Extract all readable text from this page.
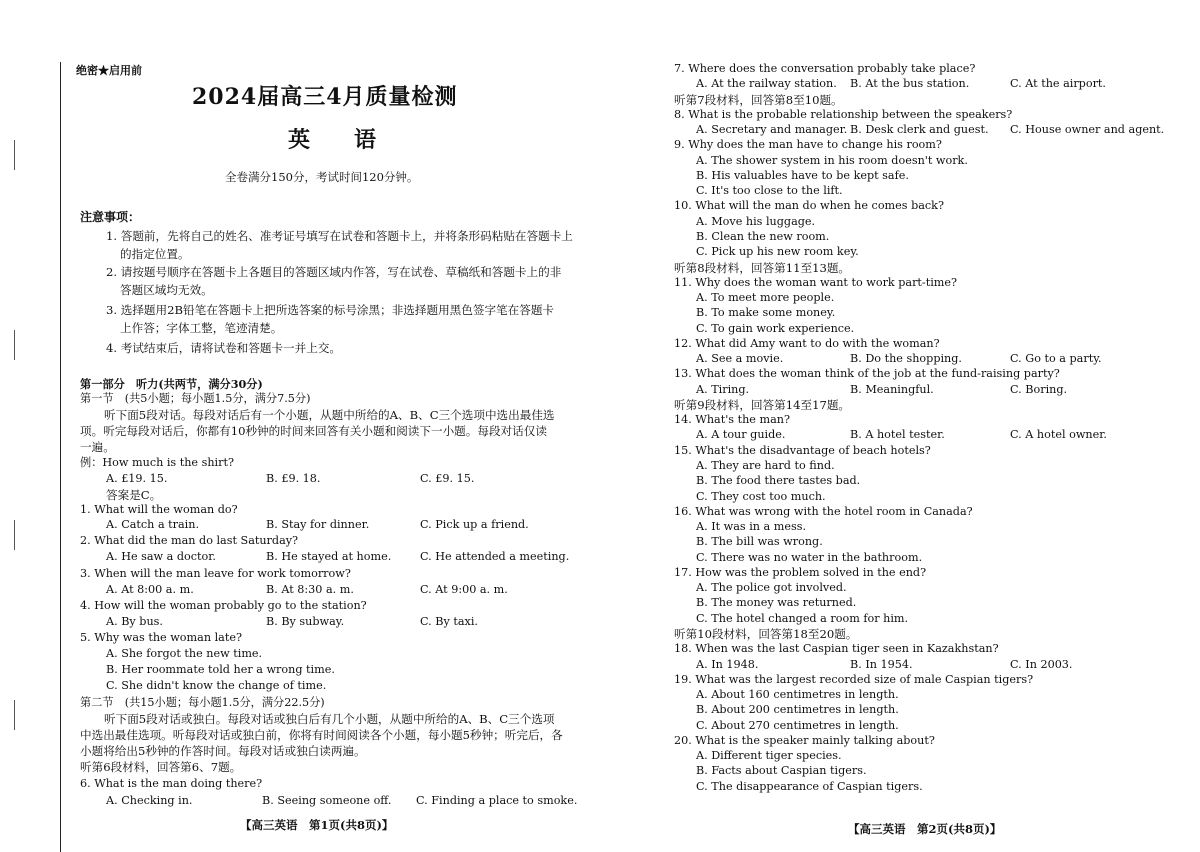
绝密★启用前
2024届高三4月质量检测
英　　语
全卷满分150分，考试时间120分钟。
注意事项：
1. 答题前，先将自己的姓名、准考证号填写在试卷和答题卡上，并将条形码粘贴在答题卡上
的指定位置。
2. 请按题号顺序在答题卡上各题目的答题区域内作答，写在试卷、草稿纸和答题卡上的非
答题区域均无效。
3. 选择题用2B铅笔在答题卡上把所选答案的标号涂黑；非选择题用黑色签字笔在答题卡
上作答；字体工整，笔迹清楚。
4. 考试结束后，请将试卷和答题卡一并上交。
第一部分　听力(共两节，满分30分)
第一节　(共5小题；每小题1.5分，满分7.5分)
听下面5段对话。每段对话后有一个小题，从题中所给的A、B、C三个选项中选出最佳选
项。听完每段对话后，你都有10秒钟的时间来回答有关小题和阅读下一小题。每段对话仅读
一遍。
例：How much is the shirt?
A. £19. 15.	B. £9. 18.	C. £9. 15.
答案是C。
1. What will the woman do?
A. Catch a train.	B. Stay for dinner.	C. Pick up a friend.
2. What did the man do last Saturday?
A. He saw a doctor.	B. He stayed at home.	C. He attended a meeting.
3. When will the man leave for work tomorrow?
A. At 8:00 a. m.	B. At 8:30 a. m.	C. At 9:00 a. m.
4. How will the woman probably go to the station?
A. By bus.	B. By subway.	C. By taxi.
5. Why was the woman late?
A. She forgot the new time.
B. Her roommate told her a wrong time.
C. She didn't know the change of time.
第二节　(共15小题；每小题1.5分，满分22.5分)
听下面5段对话或独白。每段对话或独白后有几个小题，从题中所给的A、B、C三个选项
中选出最佳选项。听每段对话或独白前，你将有时间阅读各个小题，每小题5秒钟；听完后，各
小题将给出5秒钟的作答时间。每段对话或独白读两遍。
听第6段材料，回答第6、7题。
6. What is the man doing there?
A. Checking in.	B. Seeing someone off. C. Finding a place to smoke.
【高三英语　第1页(共8页)】
7. Where does the conversation probably take place?
A. At the railway station. B. At the bus station.	C. At the airport.
听第7段材料，回答第8至10题。
8. What is the probable relationship between the speakers?
A. Secretary and manager. B. Desk clerk and guest. C. House owner and agent.
9. Why does the man have to change his room?
A. The shower system in his room doesn't work.
B. His valuables have to be kept safe.
C. It's too close to the lift.
10. What will the man do when he comes back?
A. Move his luggage.
B. Clean the new room.
C. Pick up his new room key.
听第8段材料，回答第11至13题。
11. Why does the woman want to work part-time?
A. To meet more people.
B. To make some money.
C. To gain work experience.
12. What did Amy want to do with the woman?
A. See a movie.	B. Do the shopping.	C. Go to a party.
13. What does the woman think of the job at the fund-raising party?
A. Tiring.	B. Meaningful.	C. Boring.
听第9段材料，回答第14至17题。
14. What's the man?
A. A tour guide.	B. A hotel tester.	C. A hotel owner.
15. What's the disadvantage of beach hotels?
A. They are hard to find.
B. The food there tastes bad.
C. They cost too much.
16. What was wrong with the hotel room in Canada?
A. It was in a mess.
B. The bill was wrong.
C. There was no water in the bathroom.
17. How was the problem solved in the end?
A. The police got involved.
B. The money was returned.
C. The hotel changed a room for him.
听第10段材料，回答第18至20题。
18. When was the last Caspian tiger seen in Kazakhstan?
A. In 1948.	B. In 1954.	C. In 2003.
19. What was the largest recorded size of male Caspian tigers?
A. About 160 centimetres in length.
B. About 200 centimetres in length.
C. About 270 centimetres in length.
20. What is the speaker mainly talking about?
A. Different tiger species.
B. Facts about Caspian tigers.
C. The disappearance of Caspian tigers.
【高三英语　第2页(共8页)】
